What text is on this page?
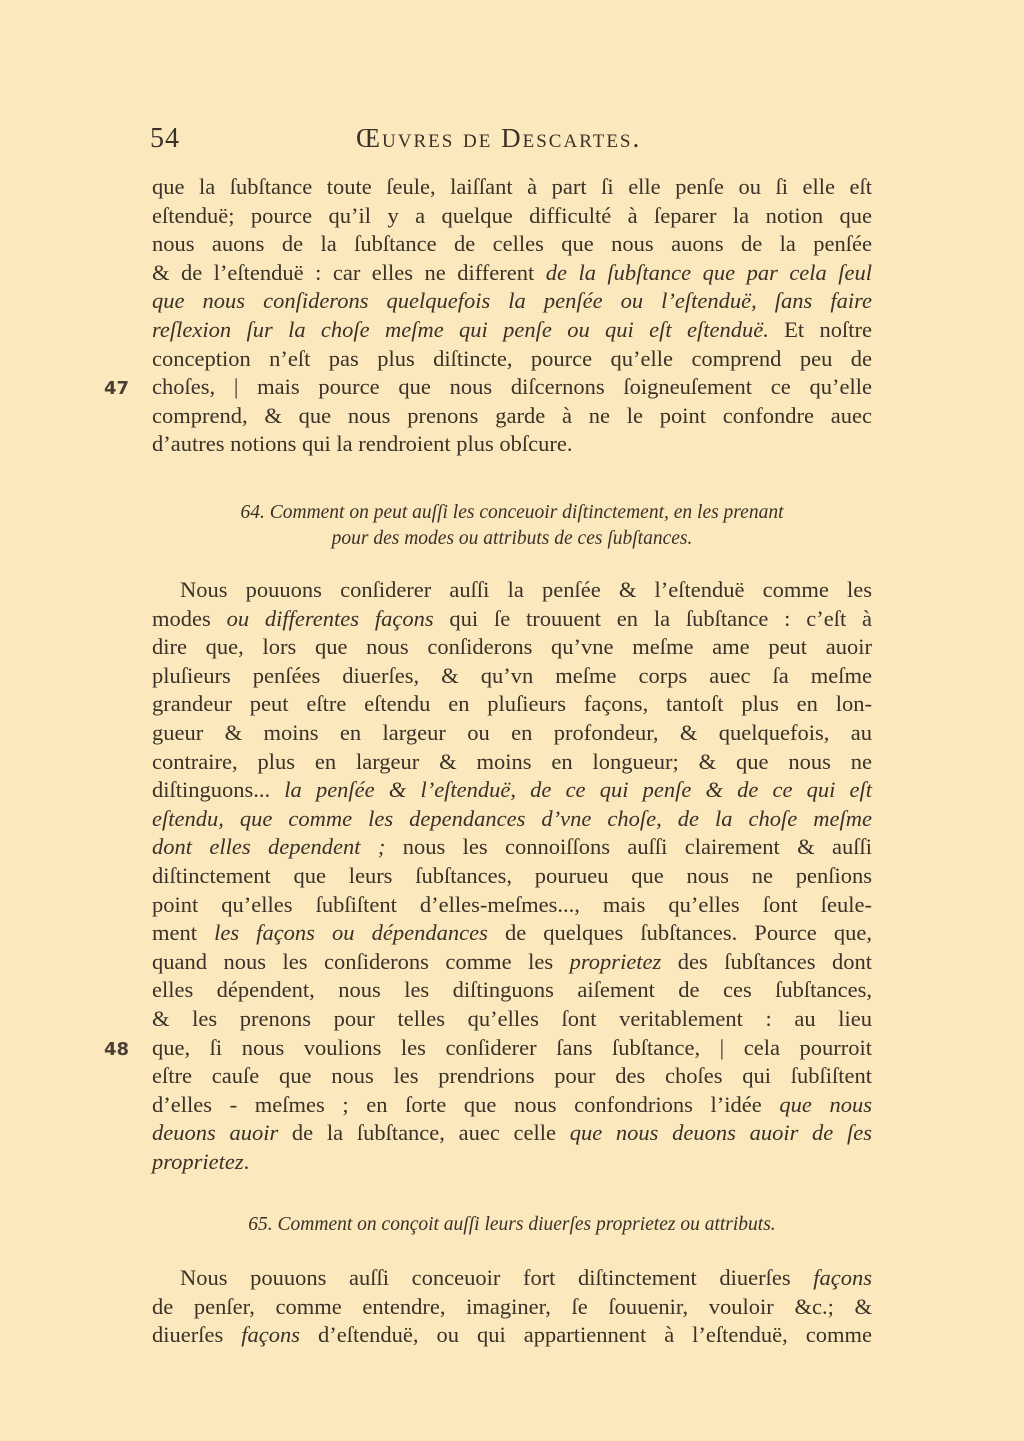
54	Œuvres de Descartes.
que la ſubſtance toute ſeule, laiſſant à part ſi elle penſe ou ſi elle eſt
eſtenduë; pource qu’il y a quelque difficulté à ſeparer la notion que
nous auons de la ſubſtance de celles que nous auons de la penſée
& de l’eſtenduë : car elles ne different de la ſubſtance que par cela ſeul
que nous conſiderons quelquefois la penſée ou l’eſtenduë, ſans faire
reſlexion ſur la choſe meſme qui penſe ou qui eſt eſtenduë. Et noſtre
conception n’eſt pas plus diſtincte, pource qu’elle comprend peu de
choſes, | mais pource que nous diſcernons ſoigneuſement ce qu’elle
comprend, & que nous prenons garde à ne le point confondre auec
d’autres notions qui la rendroient plus obſcure.
47
64. Comment on peut auſſi les conceuoir diſtinctement, en les prenant
pour des modes ou attributs de ces ſubſtances.
Nous pouuons conſiderer auſſi la penſée & l’eſtenduë comme les
modes ou differentes façons qui ſe trouuent en la ſubſtance : c’eſt à
dire que, lors que nous conſiderons qu’vne meſme ame peut auoir
pluſieurs penſées diuerſes, & qu’vn meſme corps auec ſa meſme
grandeur peut eſtre eſtendu en pluſieurs façons, tantoſt plus en lon-
gueur & moins en largeur ou en profondeur, & quelquefois, au
contraire, plus en largeur & moins en longueur; & que nous ne
diſtinguons... la penſée & l’eſtenduë, de ce qui penſe & de ce qui eſt
eſtendu, que comme les dependances d’vne choſe, de la choſe meſme
dont elles dependent ; nous les connoiſſons auſſi clairement & auſſi
diſtinctement que leurs ſubſtances, pourueu que nous ne penſions
point qu’elles ſubſiſtent d’elles-meſmes..., mais qu’elles ſont ſeule-
ment les façons ou dépendances de quelques ſubſtances. Pource que,
quand nous les conſiderons comme les proprietez des ſubſtances dont
elles dépendent, nous les diſtinguons aiſement de ces ſubſtances,
& les prenons pour telles qu’elles ſont veritablement : au lieu
que, ſi nous voulions les conſiderer ſans ſubſtance, | cela pourroit
eſtre cauſe que nous les prendrions pour des choſes qui ſubſiſtent
d’elles - meſmes ; en ſorte que nous confondrions l’idée que nous
deuons auoir de la ſubſtance, auec celle que nous deuons auoir de ſes
proprietez.
48
65. Comment on conçoit auſſi leurs diuerſes proprietez ou attributs.
Nous pouuons auſſi conceuoir fort diſtinctement diuerſes façons
de penſer, comme entendre, imaginer, ſe ſouuenir, vouloir &c.; &
diuerſes façons d’eſtenduë, ou qui appartiennent à l’eſtenduë, comme
